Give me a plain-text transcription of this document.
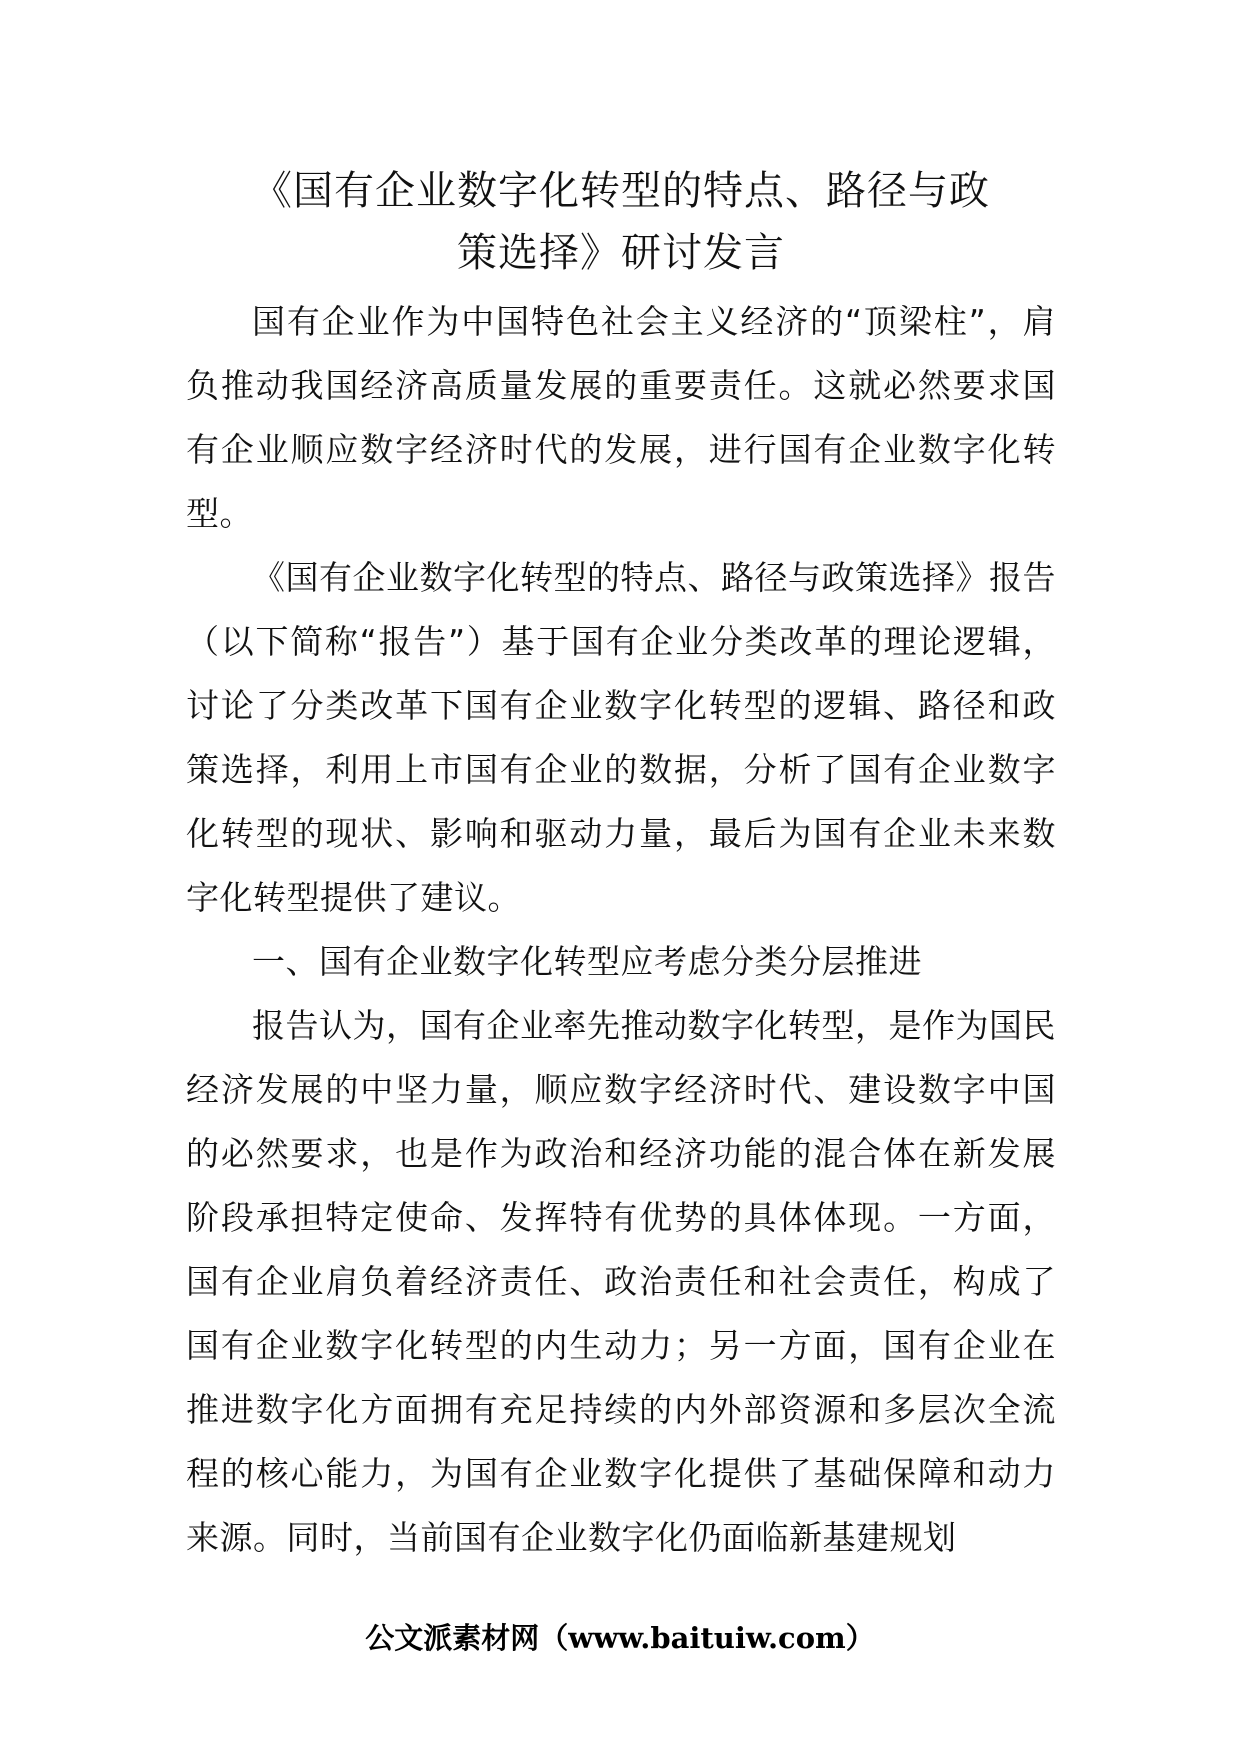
《国有企业数字化转型的特点、路径与政
策选择》研讨发言

国有企业作为中国特色社会主义经济的“顶梁柱”，肩负推动我国经济高质量发展的重要责任。这就必然要求国有企业顺应数字经济时代的发展，进行国有企业数字化转型。

《国有企业数字化转型的特点、路径与政策选择》报告（以下简称“报告”）基于国有企业分类改革的理论逻辑，讨论了分类改革下国有企业数字化转型的逻辑、路径和政策选择，利用上市国有企业的数据，分析了国有企业数字化转型的现状、影响和驱动力量，最后为国有企业未来数字化转型提供了建议。

一、国有企业数字化转型应考虑分类分层推进

报告认为，国有企业率先推动数字化转型，是作为国民经济发展的中坚力量，顺应数字经济时代、建设数字中国的必然要求，也是作为政治和经济功能的混合体在新发展阶段承担特定使命、发挥特有优势的具体体现。一方面，国有企业肩负着经济责任、政治责任和社会责任，构成了国有企业数字化转型的内生动力；另一方面，国有企业在推进数字化方面拥有充足持续的内外部资源和多层次全流程的核心能力，为国有企业数字化提供了基础保障和动力来源。同时，当前国有企业数字化仍面临新基建规划

公文派素材网（www.baituiw.com）
